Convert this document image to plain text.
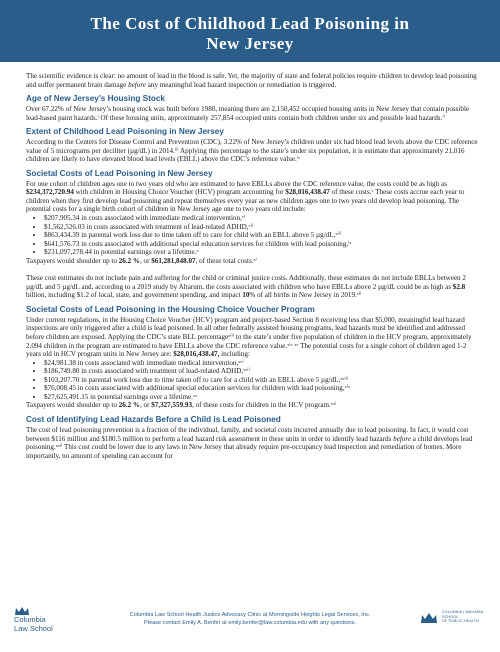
The Cost of Childhood Lead Poisoning in
New Jersey

The scientific evidence is clear: no amount of lead in the blood is safe. Yet, the majority of state and federal policies require children to develop lead poisoning and suffer permanent brain damage before any meaningful lead hazard inspection or remediation is triggered.

Age of New Jersey’s Housing Stock

Over 67.22% of New Jersey’s housing stock was built before 1980, meaning there are 2,150,452 occupied housing units in New Jersey that contain possible lead-based paint hazards.ⁱ Of these housing units, approximately 257,854 occupied units contain both children under six and possible lead hazards.ⁱⁱ

Extent of Childhood Lead Poisoning in New Jersey

According to the Centers for Disease Control and Prevention (CDC), 3.22% of New Jersey’s children under six had blood lead levels above the CDC reference value of 5 micrograms per deciliter (µg/dL) in 2014.ⁱⁱⁱ Applying this percentage to the state’s under six population, it is estimate that approximately 21,016 children are likely to have elevated blood lead levels (EBLL) above the CDC’s reference value.ⁱᵛ

Societal Costs of Lead Poisoning in New Jersey

For one cohort of children ages one to two years old who are estimated to have EBLLs above the CDC reference value, the costs could be as high as $234,372,720.94 with children in Housing Choice Voucher (HCV) program accounting for $28,016,438.47 of these costs.ᵛ These costs accrue each year to children when they first develop lead poisoning and repeat themselves every year as new children ages one to two years old develop lead poisoning. The potential costs for a single birth cohort of children in New Jersey age one to two years old include:

• $207,905.34 in costs associated with immediate medical intervention,ᵛⁱ
• $1,562,526.03 in costs associated with treatment of lead-related ADHD,ᵛⁱⁱ
• $863,434.39 in parental work loss due to time taken off to care for child with an EBLL above 5 µg/dL,ᵛⁱⁱⁱ
• $641,576.73 in costs associated with additional special education services for children with lead poisoning,ⁱˣ
• $231,097,278.44 in potential earnings over a lifetime.ˣ

Taxpayers would shoulder up to 26.2 %, or $61,281,848.07, of these total costs.ˣⁱ

These cost estimates do not include pain and suffering for the child or criminal justice costs. Additionally, these estimates do not include EBLLs between 2 µg/dL and 5 µg/dL and, according to a 2019 study by Altarum, the costs associated with children who have EBLLs above 2 µg/dL could be as high as $2.8 billion, including $1.2 of local, state, and government spending, and impact 10% of all births in New Jersey in 2019.ˣⁱⁱ

Societal Costs of Lead Poisoning in the Housing Choice Voucher Program

Under current regulations, in the Housing Choice Voucher (HCV) program and project-based Section 8 receiving less than $5,000, meaningful lead hazard inspections are only triggered after a child is lead poisoned. In all other federally assisted housing programs, lead hazards must be identified and addressed before children are exposed. Applying the CDC’s state BLL percentageˣⁱⁱⁱ to the state’s under five population of children in the HCV program, approximately 2,094 children in the program are estimated to have EBLLs above the CDC reference value.ˣⁱᵛ ˣᵛ The potential costs for a single cohort of children aged 1-2 years old in HCV program units in New Jersey are: $28,016,438.47, including:

• $24,981.38 in costs associated with immediate medical intervention,ˣᵛⁱ
• $186,749.80 in costs associated with treatment of lead-related ADHD,ˣᵛⁱⁱ
• $103,207.70 in parental work loss due to time taken off to care for a child with an EBLL above 5 µg/dL,ˣᵛⁱⁱⁱ
• $76,008.45 in costs associated with additional special education services for children with lead poisoning,ˣⁱˣ
• $27,625,491.15 in potential earnings over a lifetime.ˣˣ

Taxpayers would shoulder up to 26.2 %, or $7,327,559.93, of these costs for children in the HCV program.ˣˣⁱ

Cost of Identifying Lead Hazards Before a Child is Lead Poisoned

The cost of lead poisoning prevention is a fraction of the individual, family, and societal costs incurred annually due to lead poisoning. In fact, it would cost between $116 million and $180.5 million to perform a lead hazard risk assessment in these units in order to identify lead hazards before a child develops lead poisoning.ˣˣⁱⁱ This cost could be lower due to any laws in New Jersey that already require pre-occupancy lead inspection and remediation of homes. More importantly, no amount of spending can account for

Columbia
Law School
Columbia Law School Health Justice Advocacy Clinic at Morningside Heights Legal Services, Inc.
Please contact Emily A. Benfer at emily.benfer@law.columbia.edu with any questions.
COLUMBIA | MAILMAN SCHOOL
OF PUBLIC HEALTH
